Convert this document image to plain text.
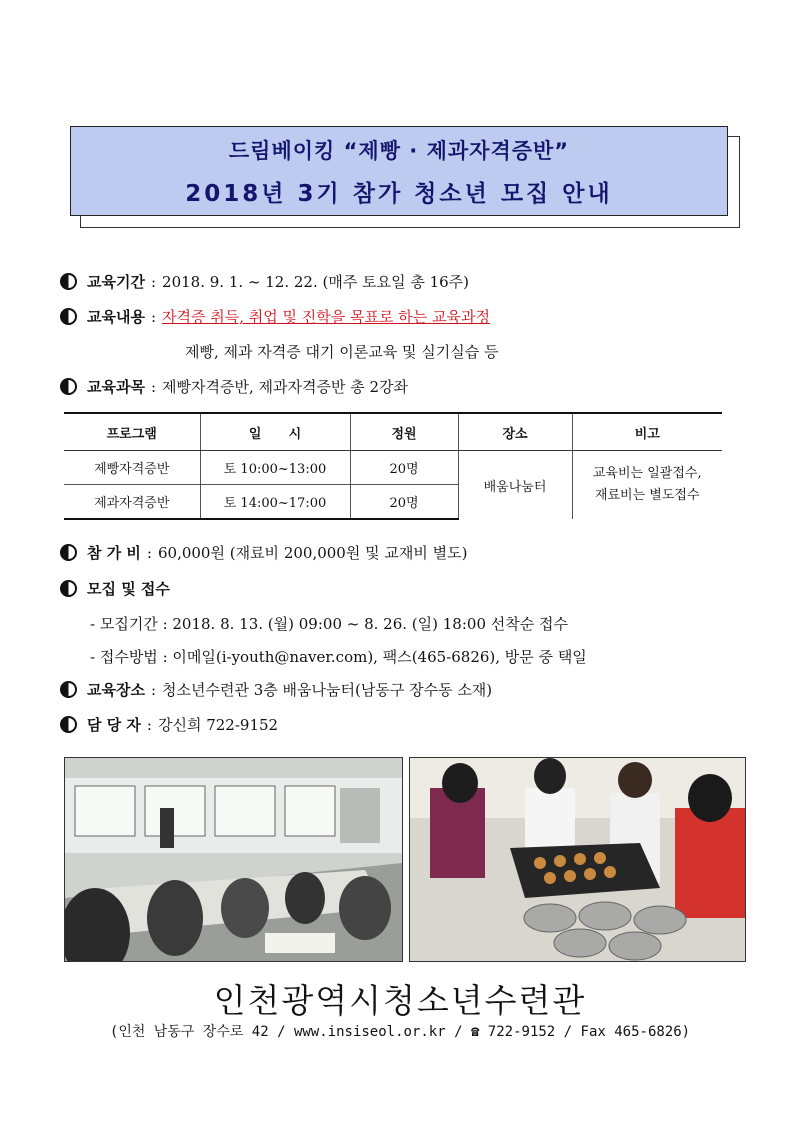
드림베이킹 “제빵 · 제과자격증반”
2018년 3기 참가 청소년 모집 안내
교육기간 : 2018. 9. 1. ~ 12. 22. (매주 토요일 총 16주)
교육내용 : 자격증 취득, 취업 및 진학을 목표로 하는 교육과정
제빵, 제과 자격증 대기 이론교육 및 실기실습 등
교육과목 : 제빵자격증반, 제과자격증반 총 2강좌
프로그램	일      시	정원	장소	비고
제빵자격증반	토 10:00~13:00	20명	배움나눔터	교육비는 일괄접수,
재료비는 별도접수

제과자격증반	토 14:00~17:00	20명		
참 가 비 : 60,000원 (재료비 200,000원 및 교재비 별도)
모집 및 접수
- 모집기간 : 2018. 8. 13. (월) 09:00 ~ 8. 26. (일) 18:00 선착순 접수
- 접수방법 : 이메일(i-youth@naver.com), 팩스(465-6826), 방문 중 택일
교육장소 : 청소년수련관 3층 배움나눔터(남동구 장수동 소재)
담 당 자 : 강신희 722-9152
인천광역시청소년수련관
(인천 남동구 장수로 42 / www.insiseol.or.kr / ☎ 722-9152 / Fax 465-6826)
